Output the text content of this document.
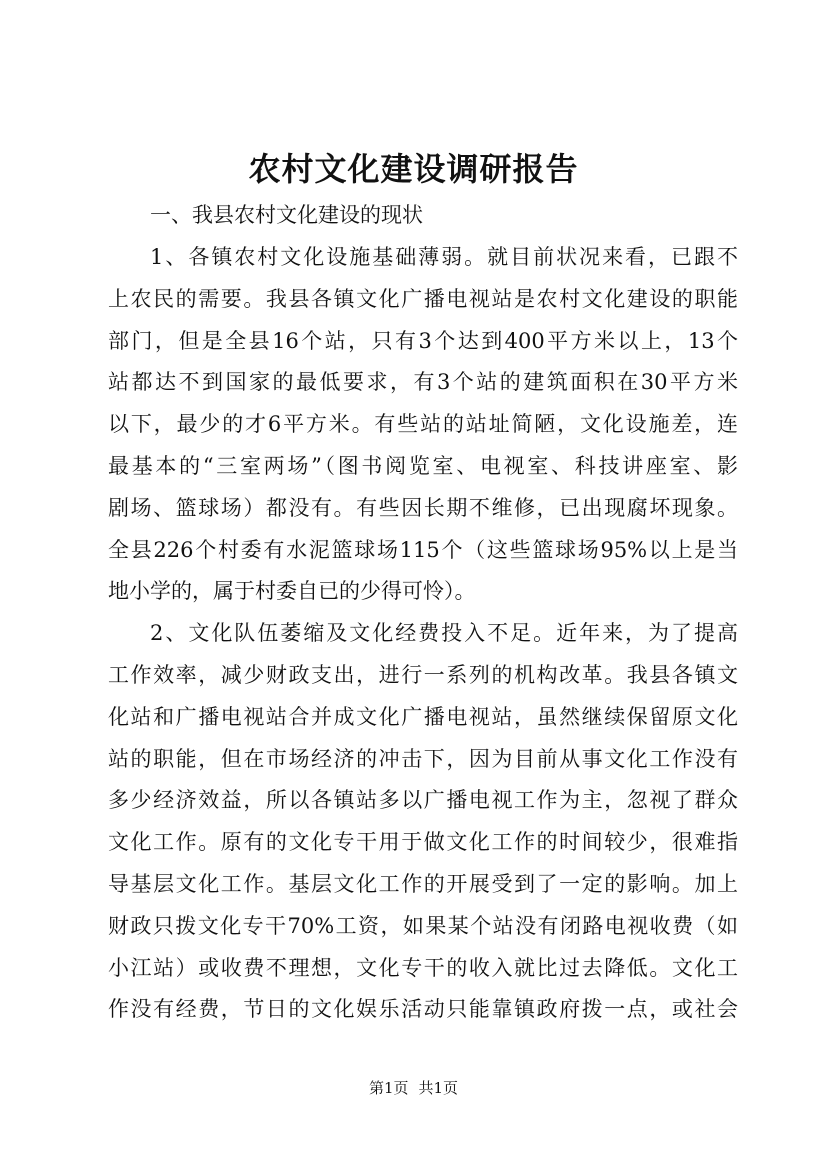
农村文化建设调研报告

一、我县农村文化建设的现状

1、各镇农村文化设施基础薄弱。就目前状况来看，已跟不

上农民的需要。我县各镇文化广播电视站是农村文化建设的职能

部门，但是全县16个站，只有3个达到400平方米以上，13个

站都达不到国家的最低要求，有3个站的建筑面积在30平方米

以下，最少的才6平方米。有些站的站址简陋，文化设施差，连

最基本的“三室两场”（图书阅览室、电视室、科技讲座室、影

剧场、篮球场）都没有。有些因长期不维修，已出现腐坏现象。

全县226个村委有水泥篮球场115个（这些篮球场95%以上是当

地小学的，属于村委自已的少得可怜）。

2、文化队伍萎缩及文化经费投入不足。近年来，为了提高

工作效率，减少财政支出，进行一系列的机构改革。我县各镇文

化站和广播电视站合并成文化广播电视站，虽然继续保留原文化

站的职能，但在市场经济的冲击下，因为目前从事文化工作没有

多少经济效益，所以各镇站多以广播电视工作为主，忽视了群众

文化工作。原有的文化专干用于做文化工作的时间较少，很难指

导基层文化工作。基层文化工作的开展受到了一定的影响。加上

财政只拨文化专干70%工资，如果某个站没有闭路电视收费（如

小江站）或收费不理想，文化专干的收入就比过去降低。文化工

作没有经费，节日的文化娱乐活动只能靠镇政府拨一点，或社会

第1页 共1页
